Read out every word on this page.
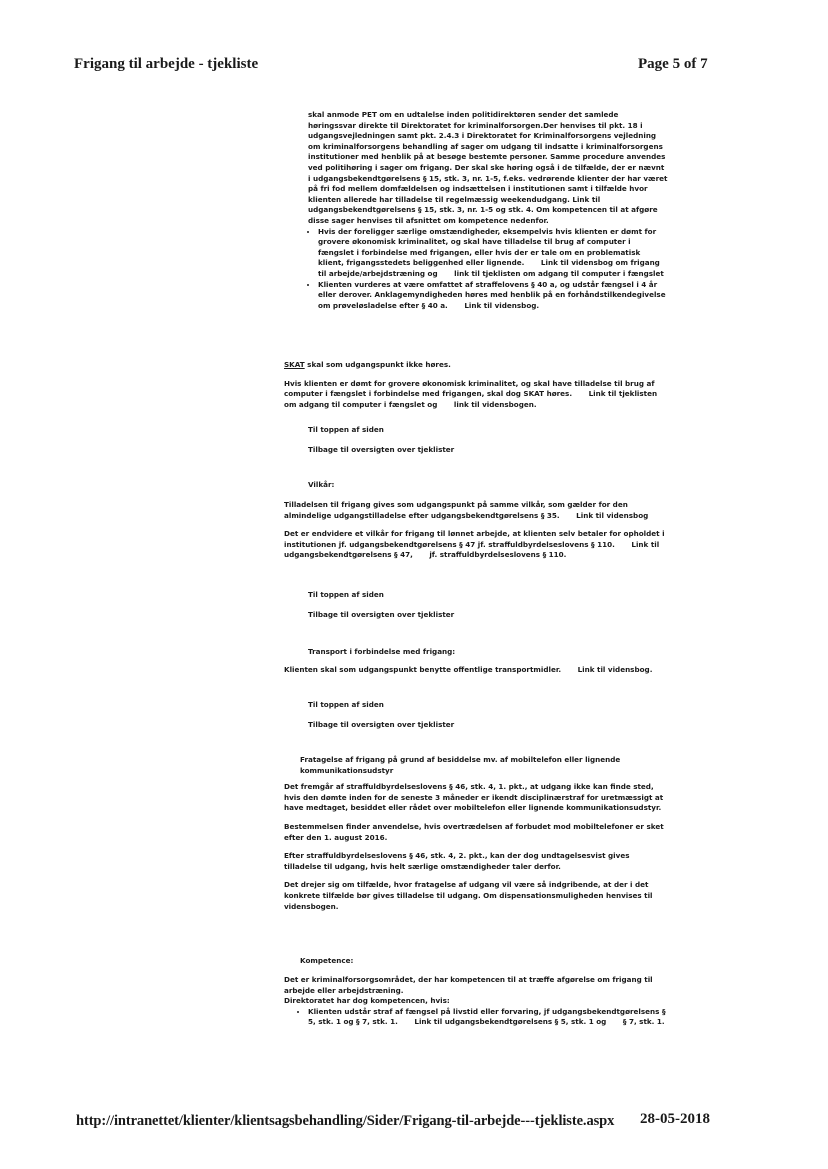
Frigang til arbejde - tjekliste	Page 5 of 7

skal anmode PET om en udtalelse inden politidirektøren sender det samlede høringssvar direkte til Direktoratet for kriminalforsorgen.Der henvises til pkt. 18 i udgangsvejledningen samt pkt. 2.4.3 i Direktoratet for Kriminalforsorgens vejledning om kriminalforsorgens behandling af sager om udgang til indsatte i kriminalforsorgens institutioner med henblik på at besøge bestemte personer. Samme procedure anvendes ved politihøring i sager om frigang. Der skal ske høring også i de tilfælde, der er nævnt i udgangsbekendtgørelsens § 15, stk. 3, nr. 1-5, f.eks. vedrørende klienter der har været på fri fod mellem domfældelsen og indsættelsen i institutionen samt i tilfælde hvor klienten allerede har tilladelse til regelmæssig weekendudgang. Link til udgangsbekendtgørelsens § 15, stk. 3, nr. 1-5 og stk. 4. Om kompetencen til at afgøre disse sager henvises til afsnittet om kompetence nedenfor.

• Hvis der foreligger særlige omstændigheder, eksempelvis hvis klienten er dømt for grovere økonomisk kriminalitet, og skal have tilladelse til brug af computer i fængslet i forbindelse med frigangen, eller hvis der er tale om en problematisk klient, frigangsstedets beliggenhed eller lignende. Link til vidensbog om frigang til arbejde/arbejdstræning og link til tjeklisten om adgang til computer i fængslet
• Klienten vurderes at være omfattet af straffelovens § 40 a, og udstår fængsel i 4 år eller derover. Anklagemyndigheden høres med henblik på en forhåndstilkendegivelse om prøveløsladelse efter § 40 a. Link til vidensbog.

SKAT skal som udgangspunkt ikke høres.

Hvis klienten er dømt for grovere økonomisk kriminalitet, og skal have tilladelse til brug af computer i fængslet i forbindelse med frigangen, skal dog SKAT høres. Link til tjeklisten om adgang til computer i fængslet og link til vidensbogen.

Til toppen af siden
Tilbage til oversigten over tjeklister
Vilkår:

Tilladelsen til frigang gives som udgangspunkt på samme vilkår, som gælder for den almindelige udgangstilladelse efter udgangsbekendtgørelsens § 35. Link til vidensbog

Det er endvidere et vilkår for frigang til lønnet arbejde, at klienten selv betaler for opholdet i institutionen jf. udgangsbekendtgørelsens § 47 jf. straffuldbyrdelseslovens § 110. Link til udgangsbekendtgørelsens § 47, jf. straffuldbyrdelseslovens § 110.

Til toppen af siden
Tilbage til oversigten over tjeklister
Transport i forbindelse med frigang:

Klienten skal som udgangspunkt benytte offentlige transportmidler. Link til vidensbog.

Til toppen af siden
Tilbage til oversigten over tjeklister

Fratagelse af frigang på grund af besiddelse mv. af mobiltelefon eller lignende kommunikationsudstyr

Det fremgår af straffuldbyrdelseslovens § 46, stk. 4, 1. pkt., at udgang ikke kan finde sted, hvis den dømte inden for de seneste 3 måneder er ikendt disciplinærstraf for uretmæssigt at have medtaget, besiddet eller rådet over mobiltelefon eller lignende kommunikationsudstyr.

Bestemmelsen finder anvendelse, hvis overtrædelsen af forbudet mod mobiltelefoner er sket efter den 1. august 2016.

Efter straffuldbyrdelseslovens § 46, stk. 4, 2. pkt., kan der dog undtagelsesvist gives tilladelse til udgang, hvis helt særlige omstændigheder taler derfor.

Det drejer sig om tilfælde, hvor fratagelse af udgang vil være så indgribende, at der i det konkrete tilfælde bør gives tilladelse til udgang. Om dispensationsmuligheden henvises til vidensbogen.

Kompetence:

Det er kriminalforsorgsområdet, der har kompetencen til at træffe afgørelse om frigang til arbejde eller arbejdstræning.

Direktoratet har dog kompetencen, hvis:

• Klienten udstår straf af fængsel på livstid eller forvaring, jf udgangsbekendtgørelsens § 5, stk. 1 og § 7, stk. 1. Link til udgangsbekendtgørelsens § 5, stk. 1 og § 7, stk. 1.
http://intranettet/klienter/klientsagsbehandling/Sider/Frigang-til-arbejde---tjekliste.aspx 28-05-2018
